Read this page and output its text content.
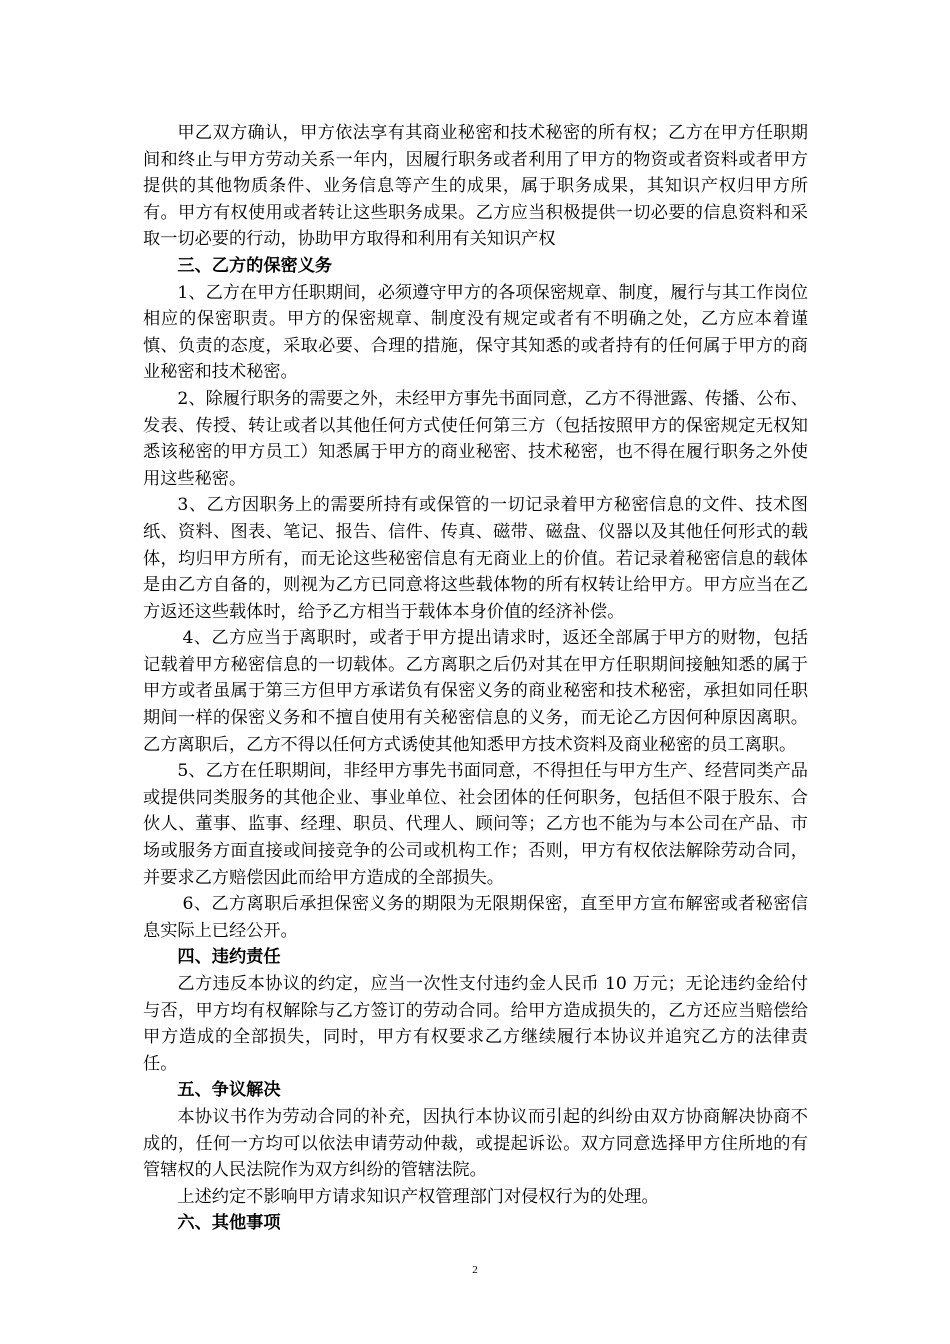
甲乙双方确认，甲方依法享有其商业秘密和技术秘密的所有权；乙方在甲方任职期间和终止与甲方劳动关系一年内，因履行职务或者利用了甲方的物资或者资料或者甲方提供的其他物质条件、业务信息等产生的成果，属于职务成果，其知识产权归甲方所有。甲方有权使用或者转让这些职务成果。乙方应当积极提供一切必要的信息资料和采取一切必要的行动，协助甲方取得和利用有关知识产权

三、乙方的保密义务

1、乙方在甲方任职期间，必须遵守甲方的各项保密规章、制度，履行与其工作岗位相应的保密职责。甲方的保密规章、制度没有规定或者有不明确之处，乙方应本着谨慎、负责的态度，采取必要、合理的措施，保守其知悉的或者持有的任何属于甲方的商业秘密和技术秘密。

2、除履行职务的需要之外，未经甲方事先书面同意，乙方不得泄露、传播、公布、发表、传授、转让或者以其他任何方式使任何第三方（包括按照甲方的保密规定无权知悉该秘密的甲方员工）知悉属于甲方的商业秘密、技术秘密，也不得在履行职务之外使用这些秘密。

3、乙方因职务上的需要所持有或保管的一切记录着甲方秘密信息的文件、技术图纸、资料、图表、笔记、报告、信件、传真、磁带、磁盘、仪器以及其他任何形式的载体，均归甲方所有，而无论这些秘密信息有无商业上的价值。若记录着秘密信息的载体是由乙方自备的，则视为乙方已同意将这些载体物的所有权转让给甲方。甲方应当在乙方返还这些载体时，给予乙方相当于载体本身价值的经济补偿。

4、乙方应当于离职时，或者于甲方提出请求时，返还全部属于甲方的财物，包括记载着甲方秘密信息的一切载体。乙方离职之后仍对其在甲方任职期间接触知悉的属于甲方或者虽属于第三方但甲方承诺负有保密义务的商业秘密和技术秘密，承担如同任职期间一样的保密义务和不擅自使用有关秘密信息的义务，而无论乙方因何种原因离职。乙方离职后，乙方不得以任何方式诱使其他知悉甲方技术资料及商业秘密的员工离职。

5、乙方在任职期间，非经甲方事先书面同意，不得担任与甲方生产、经营同类产品或提供同类服务的其他企业、事业单位、社会团体的任何职务，包括但不限于股东、合伙人、董事、监事、经理、职员、代理人、顾问等；乙方也不能为与本公司在产品、市场或服务方面直接或间接竞争的公司或机构工作；否则，甲方有权依法解除劳动合同，并要求乙方赔偿因此而给甲方造成的全部损失。

6、乙方离职后承担保密义务的期限为无限期保密，直至甲方宣布解密或者秘密信息实际上已经公开。

四、违约责任

乙方违反本协议的约定，应当一次性支付违约金人民币 10 万元；无论违约金给付与否，甲方均有权解除与乙方签订的劳动合同。给甲方造成损失的，乙方还应当赔偿给甲方造成的全部损失，同时，甲方有权要求乙方继续履行本协议并追究乙方的法律责任。

五、争议解决

本协议书作为劳动合同的补充，因执行本协议而引起的纠纷由双方协商解决协商不成的，任何一方均可以依法申请劳动仲裁，或提起诉讼。双方同意选择甲方住所地的有管辖权的人民法院作为双方纠纷的管辖法院。

上述约定不影响甲方请求知识产权管理部门对侵权行为的处理。

六、其他事项

2
